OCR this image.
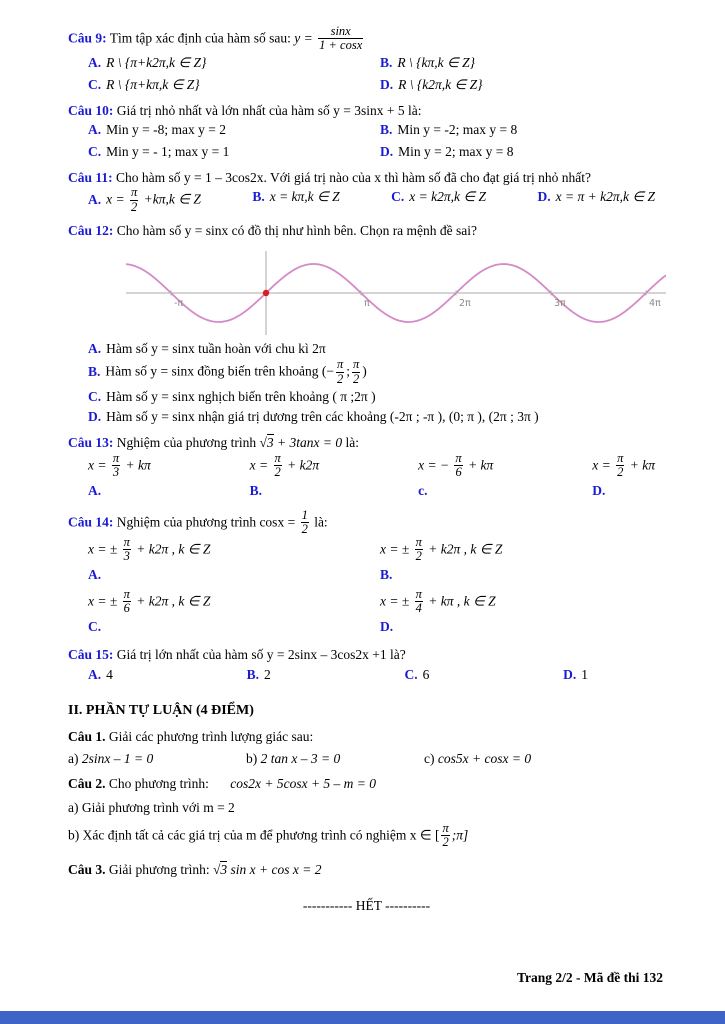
Câu 9: Tìm tập xác định của hàm số sau: $y = \frac{\sin x}{1 + \cos x}$
A. R \ {π+k2π,k ∈ Z}	B. R \ {kπ,k ∈ Z}
C. R \ {π+kπ,k ∈ Z}	D. R \ {k2π,k ∈ Z}
Câu 10: Giá trị nhỏ nhất và lớn nhất của hàm số y = 3sinx + 5 là:
A. Min y = -8; max y = 2	B. Min y = -2; max y = 8
C. Min y = - 1; max y = 1	D. Min y = 2; max y = 8
Câu 11: Cho hàm số y = 1 – 3cos2x. Với giá trị nào của x thì hàm số đã cho đạt giá trị nhỏ nhất?
A. $x = \frac{\pi}{2} +k\pi,k$ ∈ Z	B. x = kπ,k ∈ Z	C. x = k2π,k ∈ Z	D. x = π + k2π,k ∈ Z
Câu 12: Cho hàm số y = sinx có đồ thị như hình bên. Chọn ra mệnh đề sai?
-π	π	2π	3π	4π
A. Hàm số y = sinx tuần hoàn với chu kì 2π
B. Hàm số y = sinx đồng biến trên khoảng (− $\frac{\pi}{2}$ ; $\frac{\pi}{2}$ )
C. Hàm số y = sinx nghịch biến trên khoảng ( π ;2π )
D. Hàm số y = sinx nhận giá trị dương trên các khoảng (-2π ; -π ), (0; π ), (2π ; 3π )
Câu 13: Nghiệm của phương trình √3 + 3tanx = 0 là:
$x = \frac{\pi}{3} + k\pi$
A.
$x = \frac{\pi}{2} + k2\pi$
B.
x = − $\frac{\pi}{6} + k\pi$
c.
$x = \frac{\pi}{2} + k\pi$
D.
Câu 14: Nghiệm của phương trình $\cos x = \frac{1}{2}$ là:
x = ± $\frac{\pi}{3} + k2\pi$ , k ∈ Z
A.
x = ± $\frac{\pi}{2} + k2\pi$ , k ∈ Z
B.
x = ± $\frac{\pi}{6} + k2\pi$ , k ∈ Z
C.
x = ± $\frac{\pi}{4} + k\pi$ , k ∈ Z
D.
Câu 15: Giá trị lớn nhất của hàm số y = 2sinx – 3cos2x +1 là?
A. 4	B. 2	C. 6	D. 1
II. PHẦN TỰ LUẬN (4 ĐIỂM)
Câu 1. Giải các phương trình lượng giác sau:
a) 2sinx – 1 = 0	b) 2 tan x – 3 = 0	c) cos5x + cosx = 0
Câu 2. Cho phương trình: cos2x + 5cosx + 5 – m = 0
a) Giải phương trình với m = 2
b) Xác định tất cả các giá trị của m để phương trình có nghiệm x ∈ [ $\frac{\pi}{2}$ ;π]
Câu 3. Giải phương trình: √3 sin x + cos x = 2
----------- HẾT ----------
Trang 2/2 - Mã đề thi 132
